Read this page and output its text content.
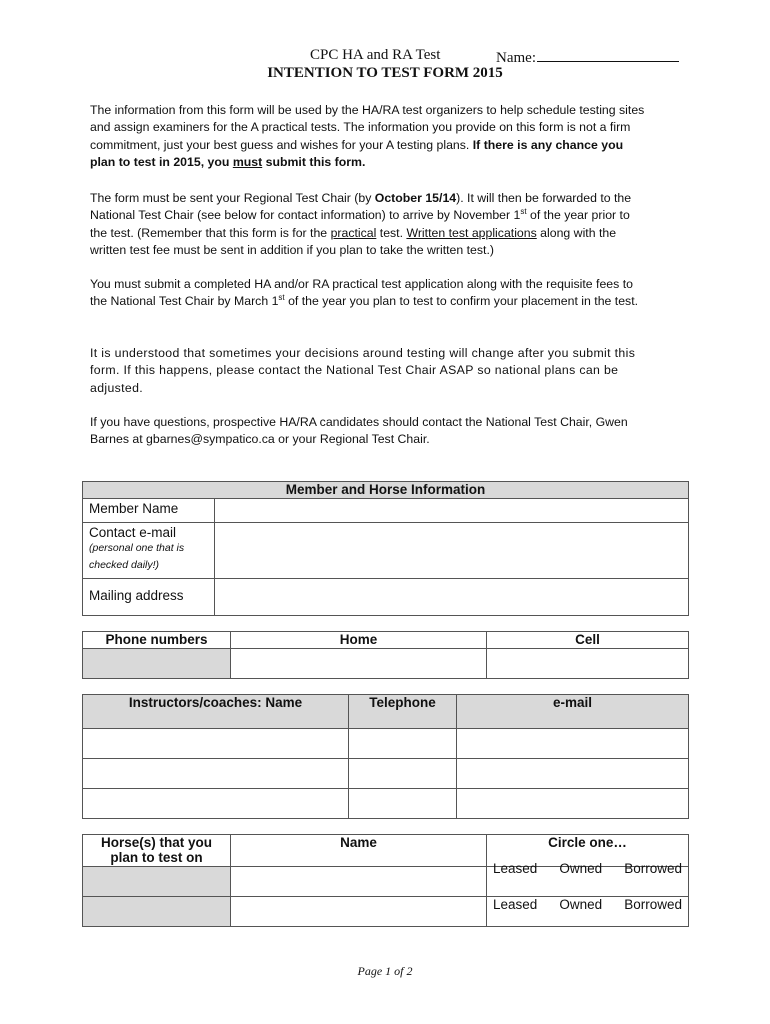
CPC HA and RA Test	Name:
INTENTION TO TEST FORM 2015

The information from this form will be used by the HA/RA test organizers to help schedule testing sites and assign examiners for the A practical tests. The information you provide on this form is not a firm commitment, just your best guess and wishes for your A testing plans. If there is any chance you plan to test in 2015, you must submit this form.

The form must be sent your Regional Test Chair (by October 15/14). It will then be forwarded to the National Test Chair (see below for contact information) to arrive by November 1st of the year prior to the test. (Remember that this form is for the practical test. Written test applications along with the written test fee must be sent in addition if you plan to take the written test.)

You must submit a completed HA and/or RA practical test application along with the requisite fees to the National Test Chair by March 1st of the year you plan to test to confirm your placement in the test.

It is understood that sometimes your decisions around testing will change after you submit this form. If this happens, please contact the National Test Chair ASAP so national plans can be adjusted.

If you have questions, prospective HA/RA candidates should contact the National Test Chair, Gwen Barnes at gbarnes@sympatico.ca or your Regional Test Chair.

Member and Horse Information	
Member Name	
Contact e-mail
(personal one that is checked daily!)	

Mailing address	
Phone numbers	Home	Cell

Instructors/coaches: Name	Telephone	e-mail

Horse(s) that you plan to test on	Name	Circle one…

		Leased Owned Borrowed

		Leased Owned Borrowed
Page 1 of 2
